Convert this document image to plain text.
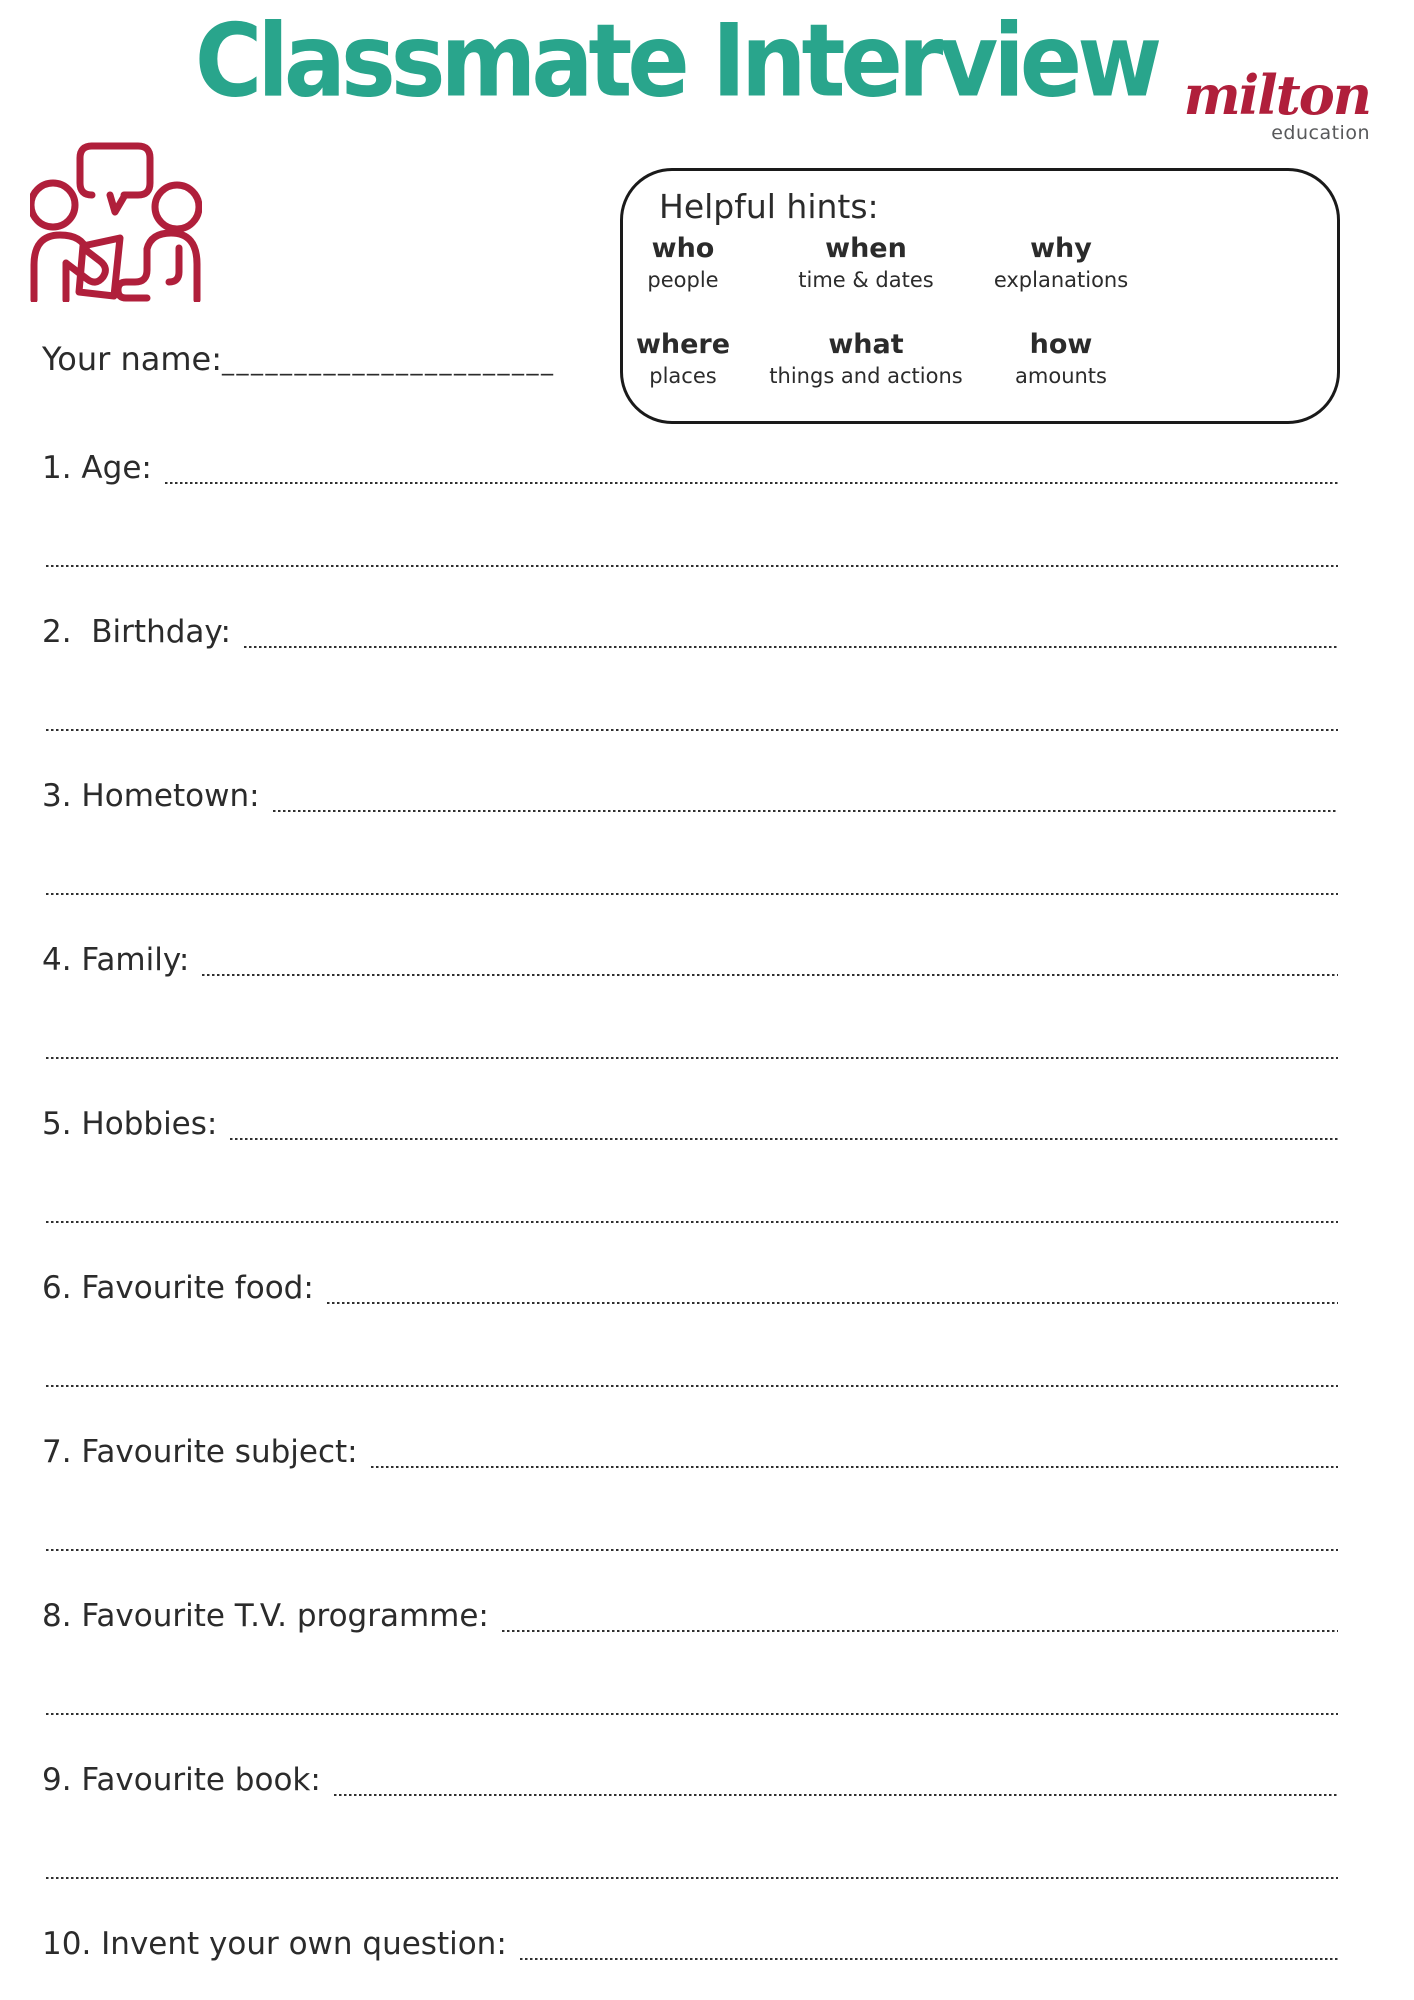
Classmate Interview milton
education

Helpful hints:

who
people
when
time & dates
why
explanations
where
places
what
things and actions
how
amounts
Your name:_______________________
1. Age:
2.  Birthday:
3. Hometown:
4. Family:
5. Hobbies:
6. Favourite food:
7. Favourite subject:
8. Favourite T.V. programme:
9. Favourite book:
10. Invent your own question:
